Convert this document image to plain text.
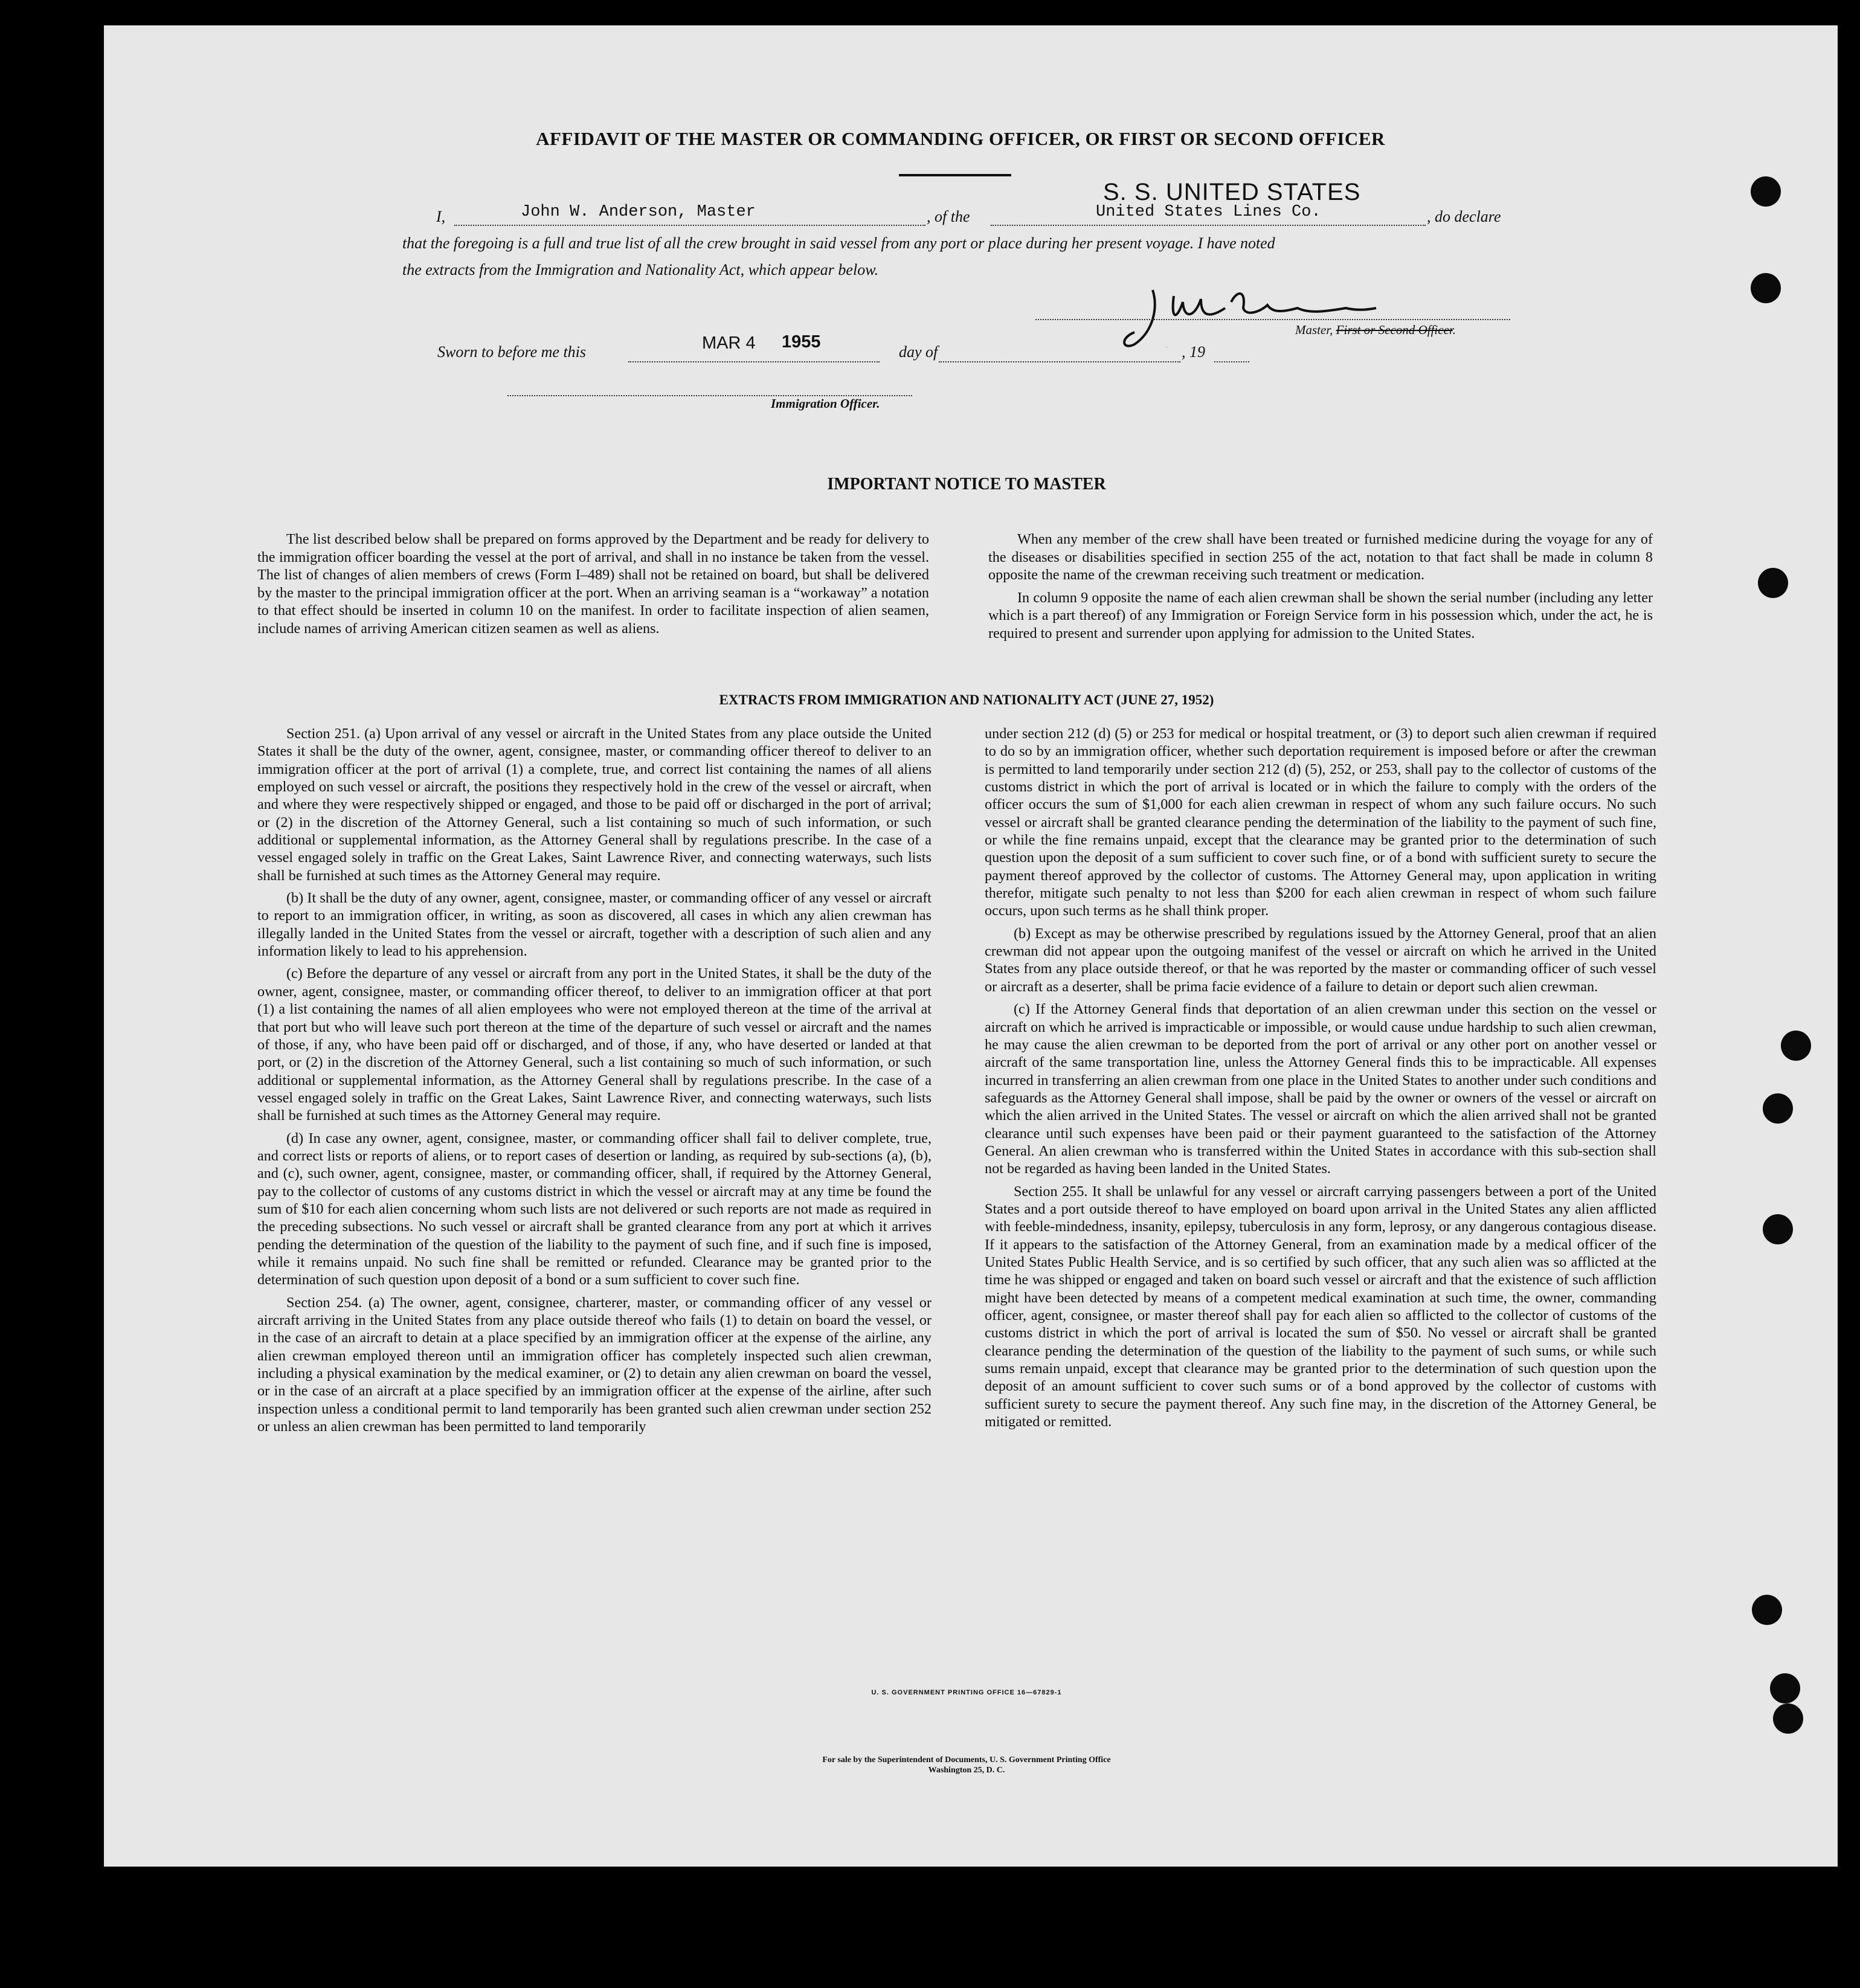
AFFIDAVIT OF THE MASTER OR COMMANDING OFFICER, OR FIRST OR SECOND OFFICER
I,	John W. Anderson, Master	, of the
S. S. UNITED STATES
United States Lines Co.	, do declare
that the foregoing is a full and true list of all the crew brought in said vessel from any port or place during her present voyage. I have noted
the extracts from the Immigration and Nationality Act, which appear below.
J W Anderson
Master, First or Second Officer.
Sworn to before me this	MAR 4 1955
day of	, 19
Immigration Officer.
IMPORTANT NOTICE TO MASTER

The list described below shall be prepared on forms approved by the Department and be ready for delivery to the immigration officer boarding the vessel at the port of arrival, and shall in no instance be taken from the vessel. The list of changes of alien members of crews (Form I–489) shall not be retained on board, but shall be delivered by the master to the principal immigration officer at the port. When an arriving seaman is a “workaway” a notation to that effect should be inserted in column 10 on the manifest. In order to facilitate inspection of alien seamen, include names of arriving American citizen seamen as well as aliens.

When any member of the crew shall have been treated or furnished medicine during the voyage for any of the diseases or disabilities specified in section 255 of the act, notation to that fact shall be made in column 8 opposite the name of the crewman receiving such treatment or medication.

In column 9 opposite the name of each alien crewman shall be shown the serial number (including any letter which is a part thereof) of any Immigration or Foreign Service form in his possession which, under the act, he is required to present and surrender upon applying for admission to the United States.

EXTRACTS FROM IMMIGRATION AND NATIONALITY ACT (JUNE 27, 1952)

Section 251. (a) Upon arrival of any vessel or aircraft in the United States from any place outside the United States it shall be the duty of the owner, agent, consignee, master, or commanding officer thereof to deliver to an immigration officer at the port of arrival (1) a complete, true, and correct list containing the names of all aliens employed on such vessel or aircraft, the positions they respectively hold in the crew of the vessel or aircraft, when and where they were respectively shipped or engaged, and those to be paid off or discharged in the port of arrival; or (2) in the discretion of the Attorney General, such a list containing so much of such information, or such additional or supplemental information, as the Attorney General shall by regulations prescribe. In the case of a vessel engaged solely in traffic on the Great Lakes, Saint Lawrence River, and connecting waterways, such lists shall be furnished at such times as the Attorney General may require.

(b) It shall be the duty of any owner, agent, consignee, master, or commanding officer of any vessel or aircraft to report to an immigration officer, in writing, as soon as discovered, all cases in which any alien crewman has illegally landed in the United States from the vessel or aircraft, together with a description of such alien and any information likely to lead to his apprehension.

(c) Before the departure of any vessel or aircraft from any port in the United States, it shall be the duty of the owner, agent, consignee, master, or commanding officer thereof, to deliver to an immigration officer at that port (1) a list containing the names of all alien employees who were not employed thereon at the time of the arrival at that port but who will leave such port thereon at the time of the departure of such vessel or aircraft and the names of those, if any, who have been paid off or discharged, and of those, if any, who have deserted or landed at that port, or (2) in the discretion of the Attorney General, such a list containing so much of such information, or such additional or supplemental information, as the Attorney General shall by regulations prescribe. In the case of a vessel engaged solely in traffic on the Great Lakes, Saint Lawrence River, and connecting waterways, such lists shall be furnished at such times as the Attorney General may require.

(d) In case any owner, agent, consignee, master, or commanding officer shall fail to deliver complete, true, and correct lists or reports of aliens, or to report cases of desertion or landing, as required by sub-sections (a), (b), and (c), such owner, agent, consignee, master, or commanding officer, shall, if required by the Attorney General, pay to the collector of customs of any customs district in which the vessel or aircraft may at any time be found the sum of $10 for each alien concerning whom such lists are not delivered or such reports are not made as required in the preceding subsections. No such vessel or aircraft shall be granted clearance from any port at which it arrives pending the determination of the question of the liability to the payment of such fine, and if such fine is imposed, while it remains unpaid. No such fine shall be remitted or refunded. Clearance may be granted prior to the determination of such question upon deposit of a bond or a sum sufficient to cover such fine.

Section 254. (a) The owner, agent, consignee, charterer, master, or commanding officer of any vessel or aircraft arriving in the United States from any place outside thereof who fails (1) to detain on board the vessel, or in the case of an aircraft to detain at a place specified by an immigration officer at the expense of the airline, any alien crewman employed thereon until an immigration officer has completely inspected such alien crewman, including a physical examination by the medical examiner, or (2) to detain any alien crewman on board the vessel, or in the case of an aircraft at a place specified by an immigration officer at the expense of the airline, after such inspection unless a conditional permit to land temporarily has been granted such alien crewman under section 252 or unless an alien crewman has been permitted to land temporarily

under section 212 (d) (5) or 253 for medical or hospital treatment, or (3) to deport such alien crewman if required to do so by an immigration officer, whether such deportation requirement is imposed before or after the crewman is permitted to land temporarily under section 212 (d) (5), 252, or 253, shall pay to the collector of customs of the customs district in which the port of arrival is located or in which the failure to comply with the orders of the officer occurs the sum of $1,000 for each alien crewman in respect of whom any such failure occurs. No such vessel or aircraft shall be granted clearance pending the determination of the liability to the payment of such fine, or while the fine remains unpaid, except that the clearance may be granted prior to the determination of such question upon the deposit of a sum sufficient to cover such fine, or of a bond with sufficient surety to secure the payment thereof approved by the collector of customs. The Attorney General may, upon application in writing therefor, mitigate such penalty to not less than $200 for each alien crewman in respect of whom such failure occurs, upon such terms as he shall think proper.

(b) Except as may be otherwise prescribed by regulations issued by the Attorney General, proof that an alien crewman did not appear upon the outgoing manifest of the vessel or aircraft on which he arrived in the United States from any place outside thereof, or that he was reported by the master or commanding officer of such vessel or aircraft as a deserter, shall be prima facie evidence of a failure to detain or deport such alien crewman.

(c) If the Attorney General finds that deportation of an alien crewman under this section on the vessel or aircraft on which he arrived is impracticable or impossible, or would cause undue hardship to such alien crewman, he may cause the alien crewman to be deported from the port of arrival or any other port on another vessel or aircraft of the same transportation line, unless the Attorney General finds this to be impracticable. All expenses incurred in transferring an alien crewman from one place in the United States to another under such conditions and safeguards as the Attorney General shall impose, shall be paid by the owner or owners of the vessel or aircraft on which the alien arrived in the United States. The vessel or aircraft on which the alien arrived shall not be granted clearance until such expenses have been paid or their payment guaranteed to the satisfaction of the Attorney General. An alien crewman who is transferred within the United States in accordance with this sub-section shall not be regarded as having been landed in the United States.

Section 255. It shall be unlawful for any vessel or aircraft carrying passengers between a port of the United States and a port outside thereof to have employed on board upon arrival in the United States any alien afflicted with feeble-mindedness, insanity, epilepsy, tuberculosis in any form, leprosy, or any dangerous contagious disease. If it appears to the satisfaction of the Attorney General, from an examination made by a medical officer of the United States Public Health Service, and is so certified by such officer, that any such alien was so afflicted at the time he was shipped or engaged and taken on board such vessel or aircraft and that the existence of such affliction might have been detected by means of a competent medical examination at such time, the owner, commanding officer, agent, consignee, or master thereof shall pay for each alien so afflicted to the collector of customs of the customs district in which the port of arrival is located the sum of $50. No vessel or aircraft shall be granted clearance pending the determination of the question of the liability to the payment of such sums, or while such sums remain unpaid, except that clearance may be granted prior to the determination of such question upon the deposit of an amount sufficient to cover such sums or of a bond approved by the collector of customs with sufficient surety to secure the payment thereof. Any such fine may, in the discretion of the Attorney General, be mitigated or remitted.

U. S. GOVERNMENT PRINTING OFFICE 16—67829-1
For sale by the Superintendent of Documents, U. S. Government Printing Office
Washington 25, D. C.
